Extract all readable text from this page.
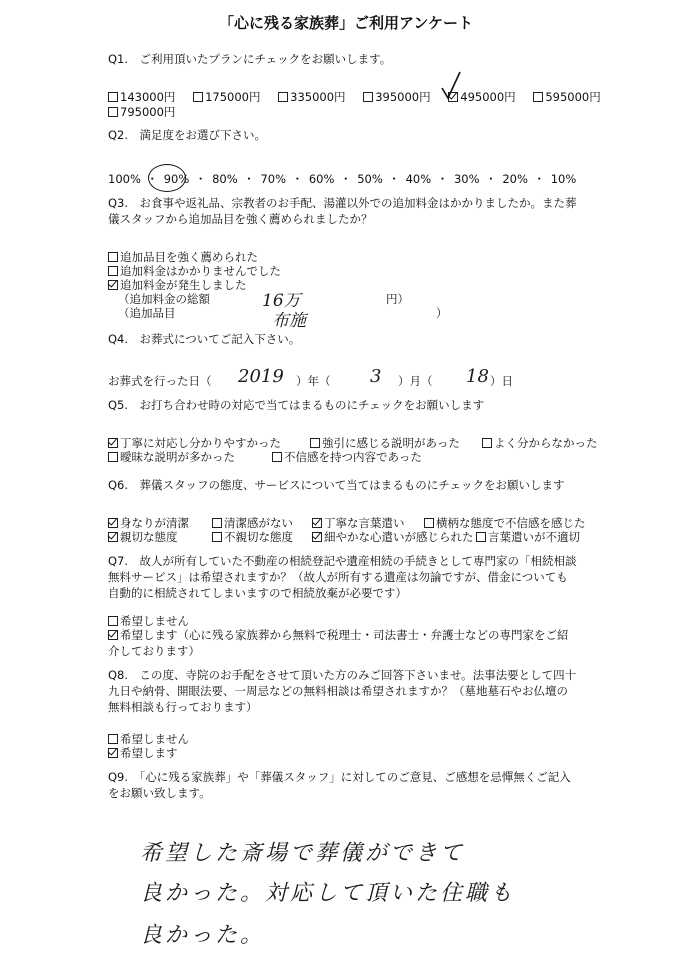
「心に残る家族葬」ご利用アンケート
Q1.　ご利用頂いたプランにチェックをお願いします。
143000円	175000円	335000円	395000円	495000円	595000円
795000円
Q2.　満足度をお選び下さい。
100% ・ 90% ・ 80% ・ 70% ・ 60% ・ 50% ・ 40% ・ 30% ・ 20% ・ 10%
Q3.　お食事や返礼品、宗教者のお手配、湯灌以外での追加料金はかかりましたか。また葬
儀スタッフから追加品目を強く薦められましたか？
追加品目を強く薦められた
追加料金はかかりませんでした
追加料金が発生しました
（追加料金の総額	16万	円）
（追加品目	布施	）
Q4.　お葬式についてご記入下さい。
お葬式を行った日（ 2019 ）年（ 3 ）月（ 18 ）日
Q5.　お打ち合わせ時の対応で当てはまるものにチェックをお願いします
丁寧に対応し分かりやすかった	強引に感じる説明があった	よく分からなかった
曖昧な説明が多かった	不信感を持つ内容であった
Q6.　葬儀スタッフの態度、サービスについて当てはまるものにチェックをお願いします
身なりが清潔	清潔感がない	丁寧な言葉遣い	横柄な態度で不信感を感じた
親切な態度	不親切な態度	細やかな心遣いが感じられた	言葉遣いが不適切
Q7.　故人が所有していた不動産の相続登記や遺産相続の手続きとして専門家の「相続相談
無料サービス」は希望されますか？（故人が所有する遺産は勿論ですが、借金についても
自動的に相続されてしまいますので相続放棄が必要です）
希望しません
希望します（心に残る家族葬から無料で税理士・司法書士・弁護士などの専門家をご紹
介しております）
Q8.　この度、寺院のお手配をさせて頂いた方のみご回答下さいませ。法事法要として四十
九日や納骨、開眼法要、一周忌などの無料相談は希望されますか？（墓地墓石やお仏壇の
無料相談も行っております）
希望しません
希望します
Q9.　「心に残る家族葬」や「葬儀スタッフ」に対してのご意見、ご感想を忌憚無くご記入
をお願い致します。
希望した斎場で葬儀ができて
良かった。対応して頂いた住職も
良かった。
